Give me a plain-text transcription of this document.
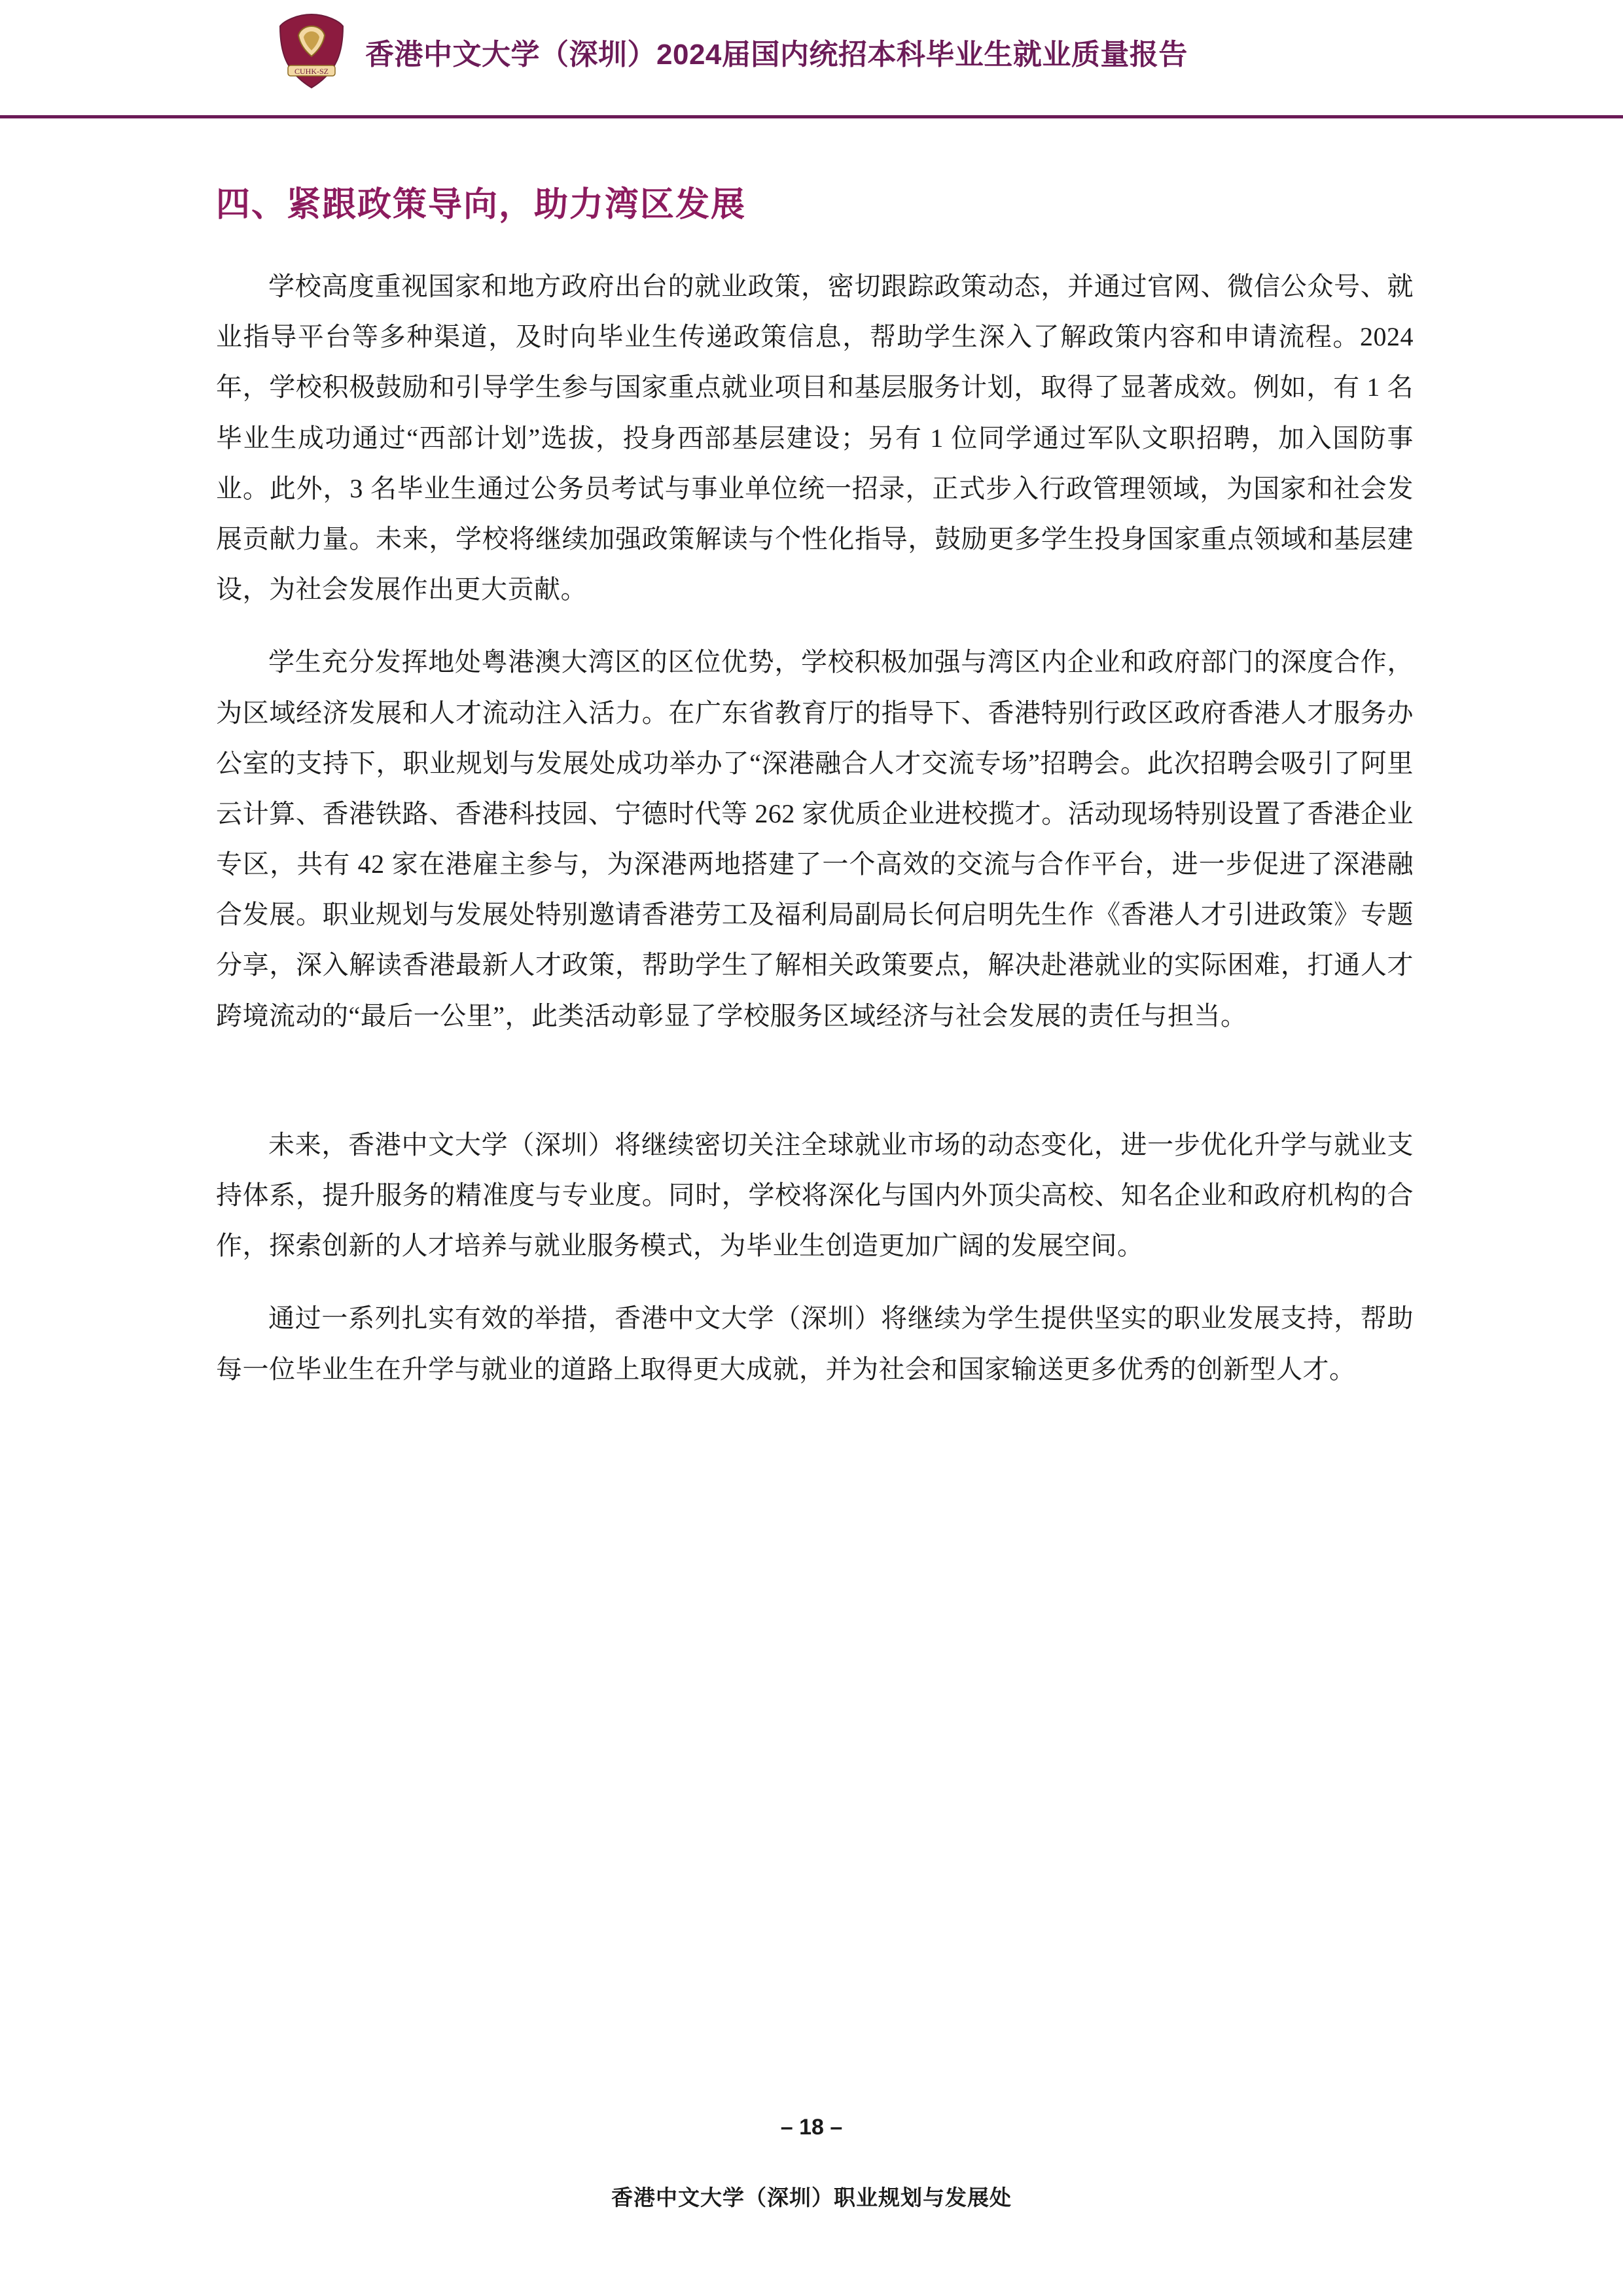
CUHK-SZ
香港中文大学（深圳）2024届国内统招本科毕业生就业质量报告
四、紧跟政策导向，助力湾区发展

学校高度重视国家和地方政府出台的就业政策，密切跟踪政策动态，并通过官网、微信公众号、就业指导平台等多种渠道，及时向毕业生传递政策信息，帮助学生深入了解政策内容和申请流程。2024 年，学校积极鼓励和引导学生参与国家重点就业项目和基层服务计划，取得了显著成效。例如，有 1 名毕业生成功通过“西部计划”选拔，投身西部基层建设；另有 1 位同学通过军队文职招聘，加入国防事业。此外，3 名毕业生通过公务员考试与事业单位统一招录，正式步入行政管理领域，为国家和社会发展贡献力量。未来，学校将继续加强政策解读与个性化指导，鼓励更多学生投身国家重点领域和基层建设，为社会发展作出更大贡献。

学生充分发挥地处粤港澳大湾区的区位优势，学校积极加强与湾区内企业和政府部门的深度合作，为区域经济发展和人才流动注入活力。在广东省教育厅的指导下、香港特别行政区政府香港人才服务办公室的支持下，职业规划与发展处成功举办了“深港融合人才交流专场”招聘会。此次招聘会吸引了阿里云计算、香港铁路、香港科技园、宁德时代等 262 家优质企业进校揽才。活动现场特别设置了香港企业专区，共有 42 家在港雇主参与，为深港两地搭建了一个高效的交流与合作平台，进一步促进了深港融合发展。职业规划与发展处特别邀请香港劳工及福利局副局长何启明先生作《香港人才引进政策》专题分享，深入解读香港最新人才政策，帮助学生了解相关政策要点，解决赴港就业的实际困难，打通人才跨境流动的“最后一公里”，此类活动彰显了学校服务区域经济与社会发展的责任与担当。

未来，香港中文大学（深圳）将继续密切关注全球就业市场的动态变化，进一步优化升学与就业支持体系，提升服务的精准度与专业度。同时，学校将深化与国内外顶尖高校、知名企业和政府机构的合作，探索创新的人才培养与就业服务模式，为毕业生创造更加广阔的发展空间。

通过一系列扎实有效的举措，香港中文大学（深圳）将继续为学生提供坚实的职业发展支持，帮助每一位毕业生在升学与就业的道路上取得更大成就，并为社会和国家输送更多优秀的创新型人才。

– 18 –
香港中文大学（深圳）职业规划与发展处
